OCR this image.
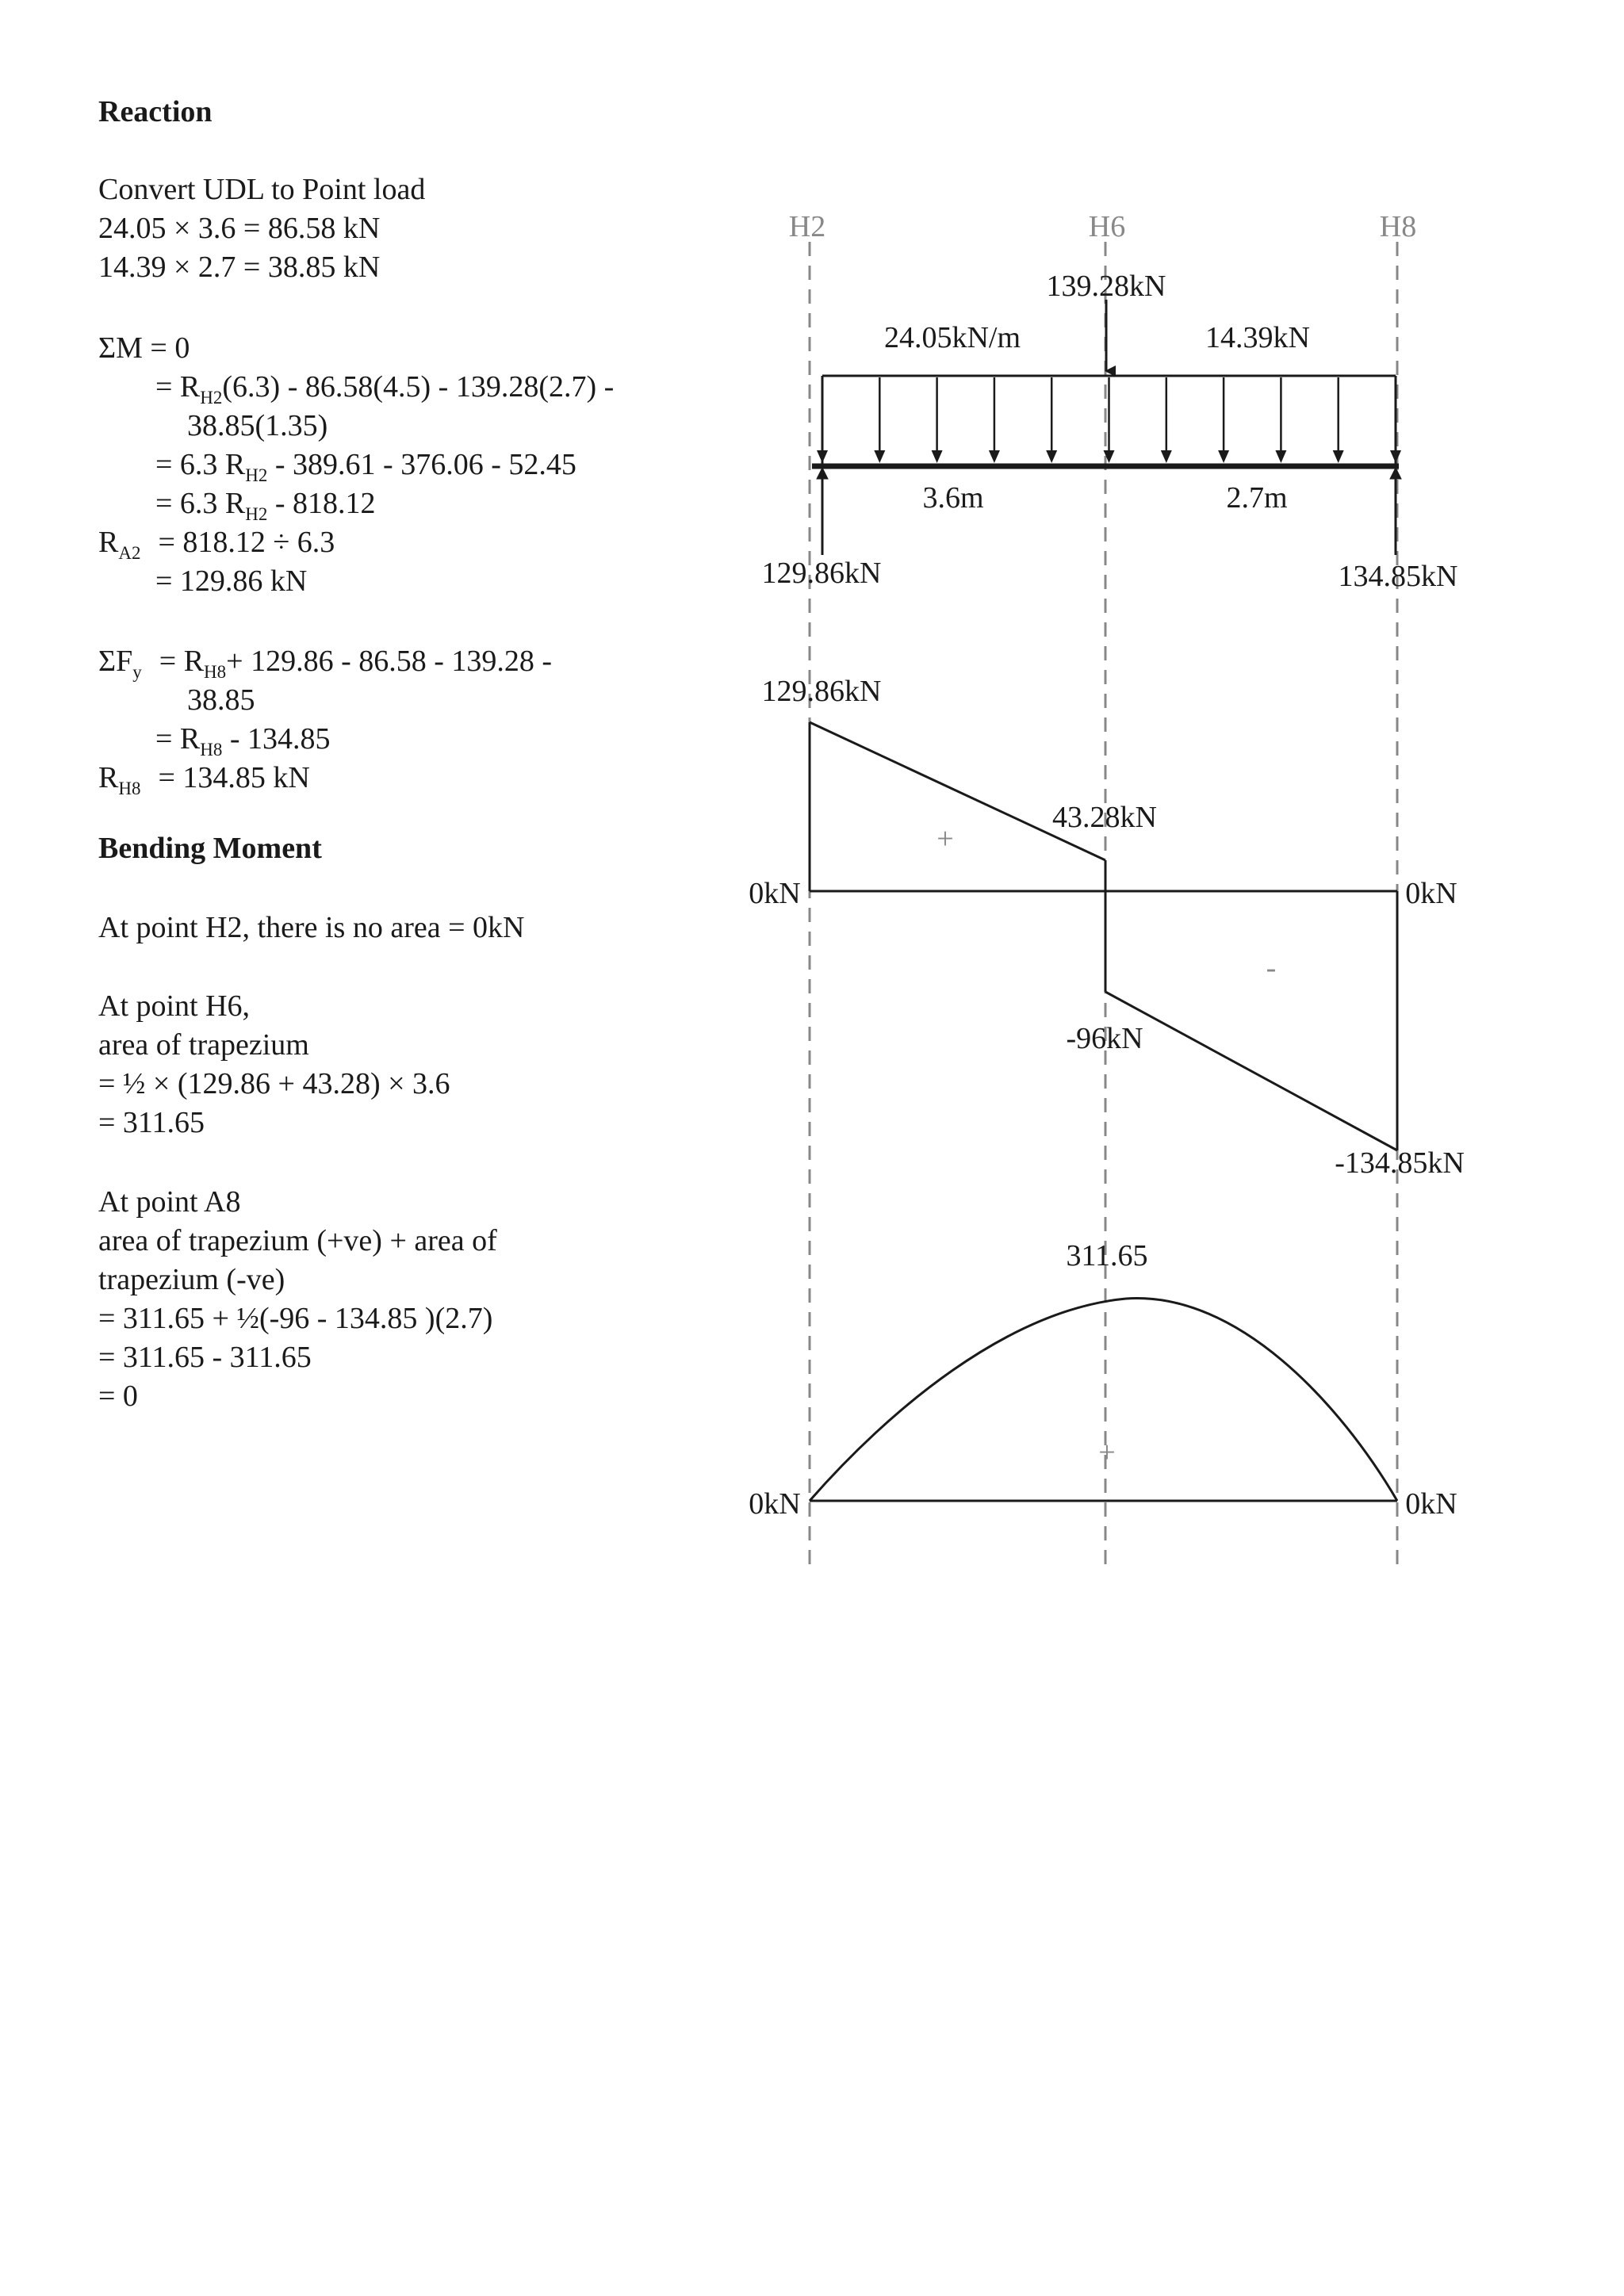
Reaction
Convert UDL to Point load
24.05 × 3.6 = 86.58 kN
14.39 × 2.7 = 38.85 kN
ΣM = 0
= $R_{H2}(6.3) - 86.58(4.5) - 139.28(2.7)$ -
38.85(1.35)
= 6.3 $R_{H2} - 389.61 - 376.06 - 52.45$
= 6.3 $R_{H2} - 818.12$
$R_{A2} = 818.12 \div 6.3$
= 129.86 kN
$\Sigma F_y = R_{H8}+ 129.86 - 86.58 - 139.28$ -
38.85
= $R_{H8} - 134.85$
$R_{H8} = 134.85$ kN
Bending Moment
At point H2, there is no area = 0kN
At point H6,
area of trapezium
= ½ × (129.86 + 43.28) × 3.6
= 311.65
At point A8
area of trapezium (+ve) + area of
trapezium (-ve)
= 311.65 + ½(-96 - 134.85 )(2.7)
= 311.65 - 311.65
= 0
H2	H6	H8
139.28kN
24.05kN/m	14.39kN
3.6m	2.7m
129.86kN	134.85kN
129.86kN
43.28kN
-96kN
-134.85kN
0kN	0kN
+
-
311.65
0kN	0kN
+
